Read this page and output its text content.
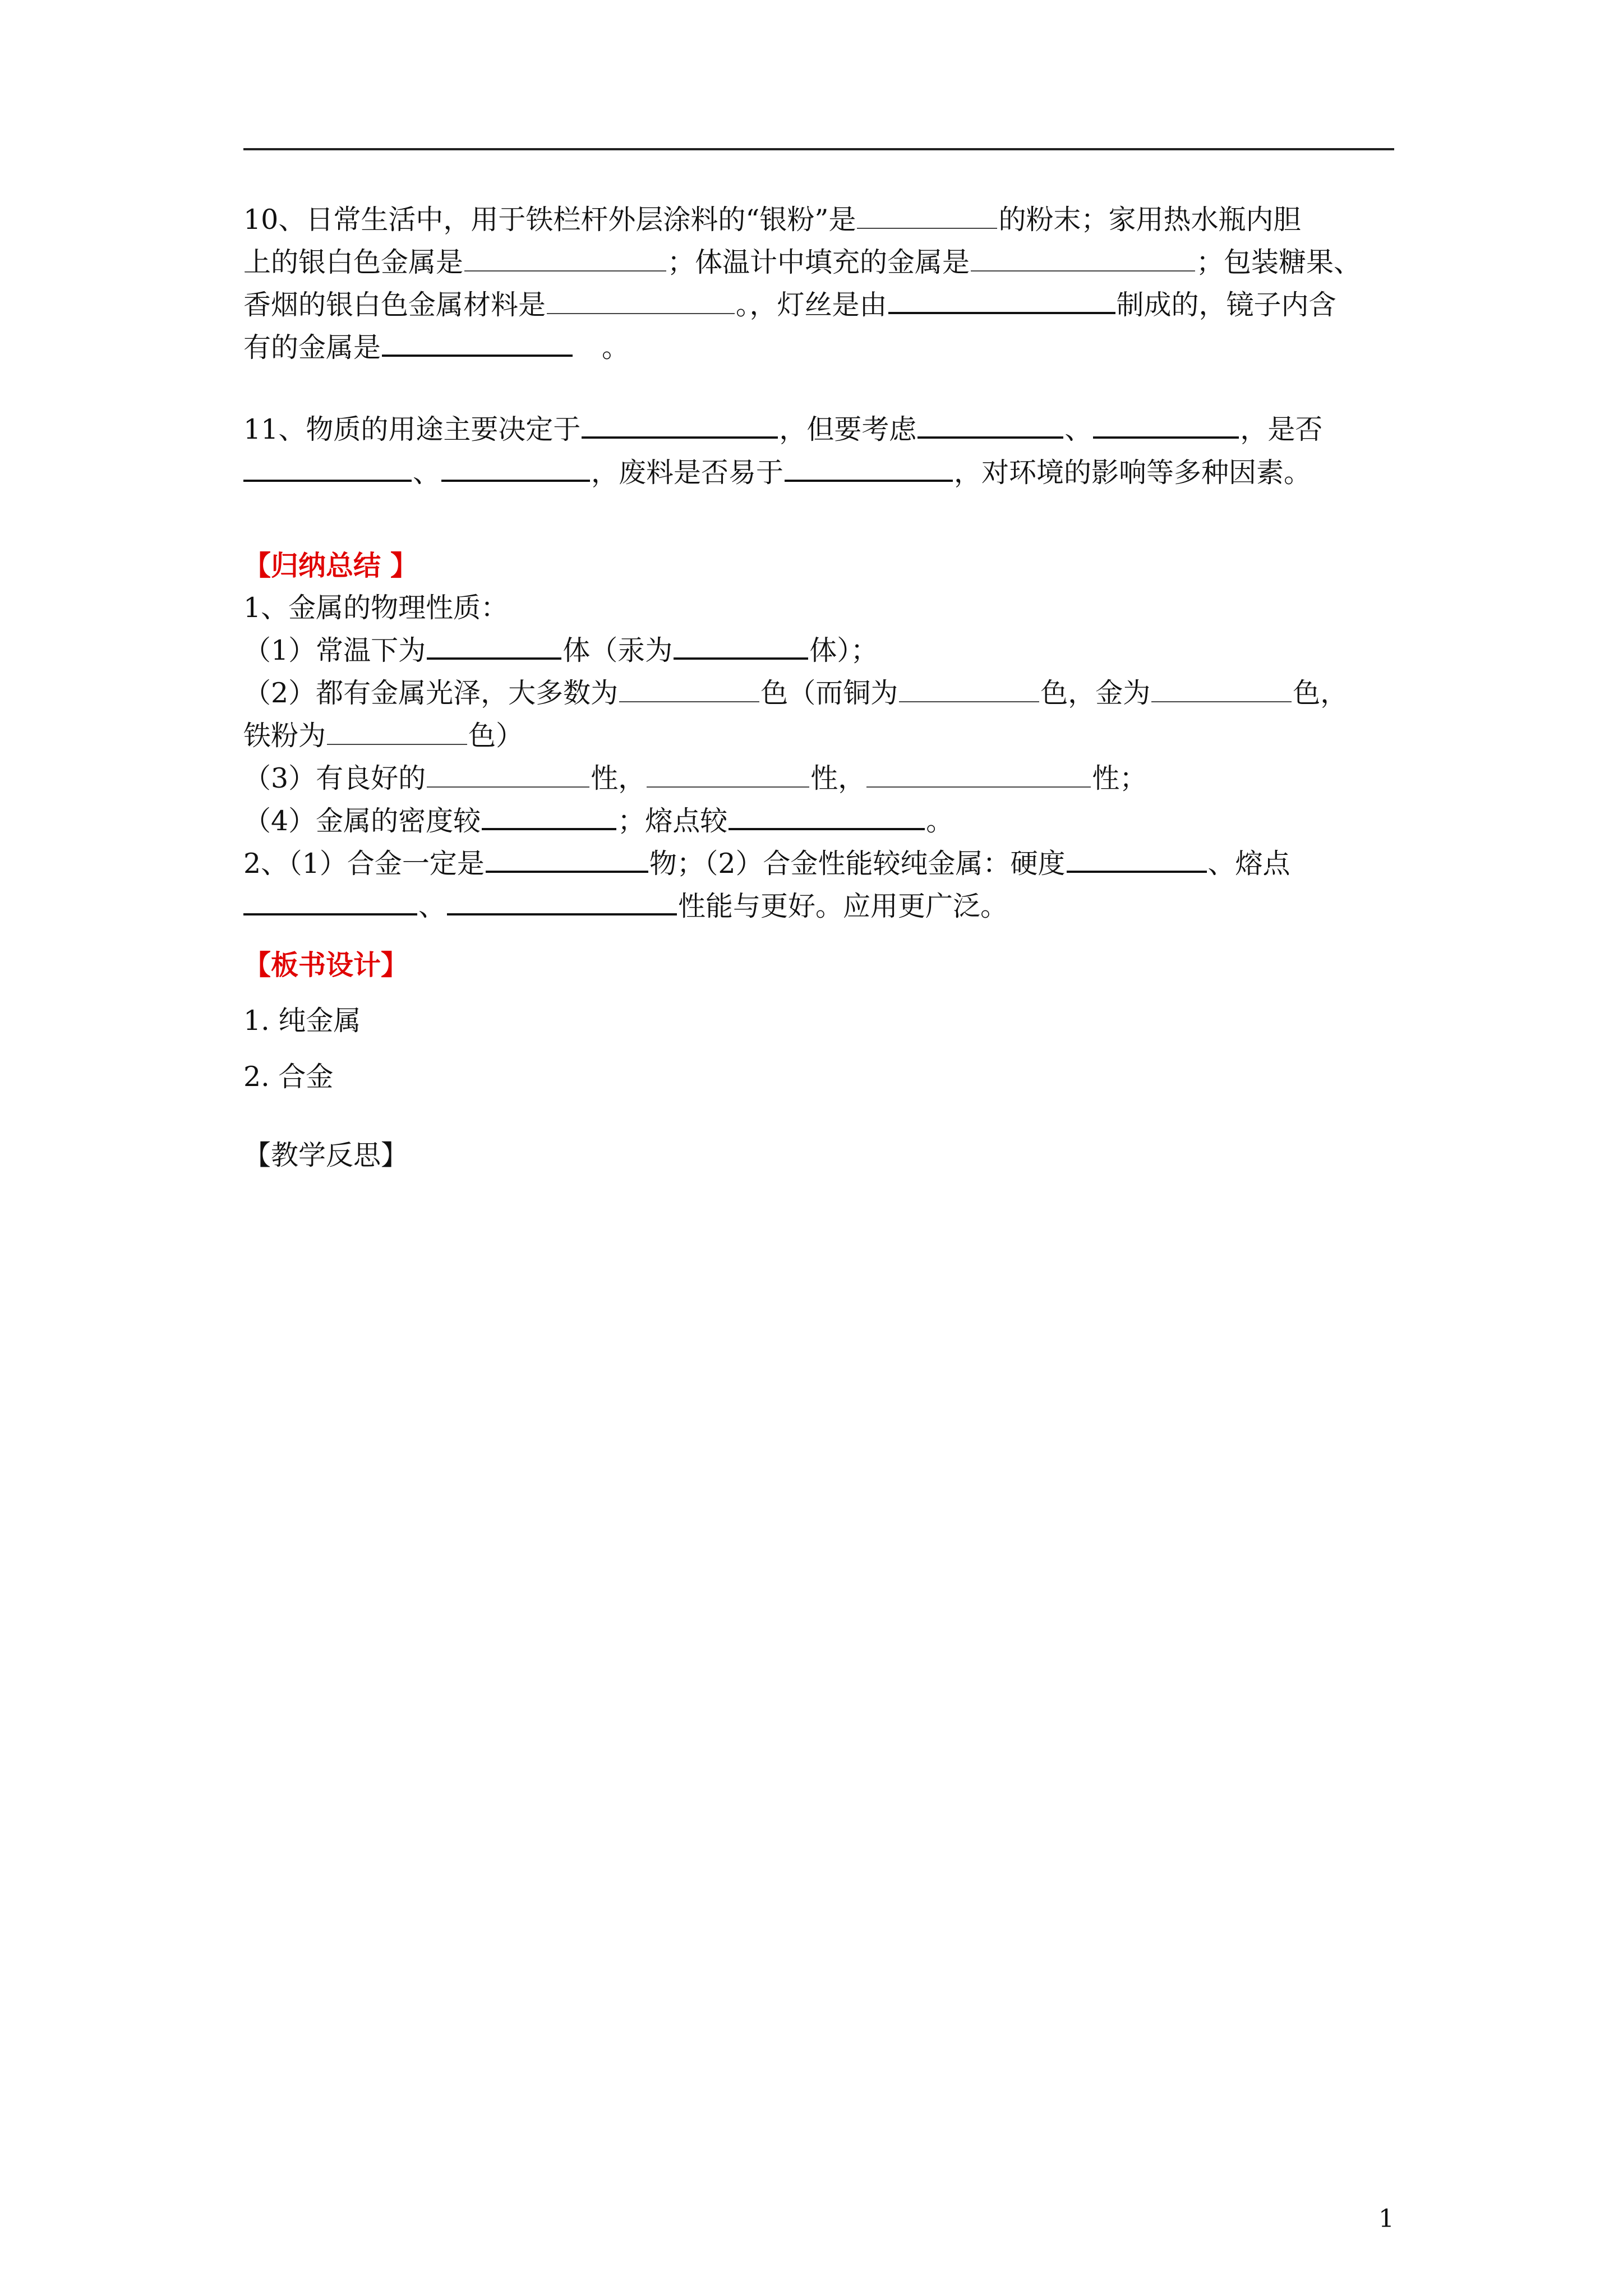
10、日常生活中，用于铁栏杆外层涂料的“银粉”是	的粉末；家用热水瓶内胆
上的银白色金属是	；体温计中填充的金属是	；包装糖果、
香烟的银白色金属材料是	。，灯丝是由	制成的，镜子内含
有的金属是	。
11、物质的用途主要决定于	，但要考虑	、	，是否
、	，废料是否易于	，对环境的影响等多种因素。
【归纳总结 】
1、金属的物理性质：
（1）常温下为	体（汞为	体）；
（2）都有金属光泽，大多数为	色（而铜为	色，金为	色，
铁粉为	色）
（3）有良好的	性，	性，	性；
（4）金属的密度较	；熔点较	。
2、（1）合金一定是	物；（2）合金性能较纯金属：硬度	、熔点
、	性能与更好。应用更广泛。
【板书设计】
1. 纯金属
2. 合金
【教学反思】
1
